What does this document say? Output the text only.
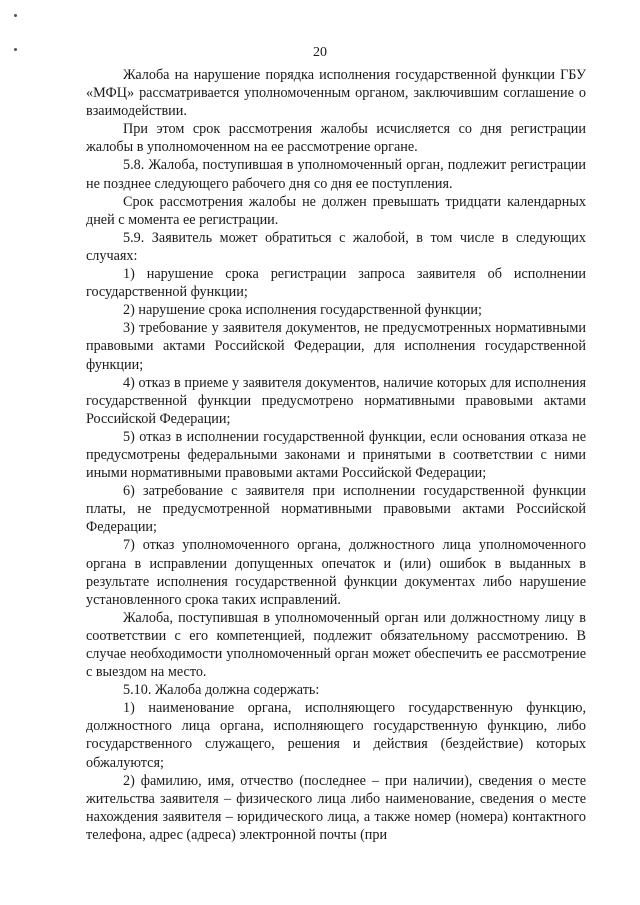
20

Жалоба на нарушение порядка исполнения государственной функции ГБУ «МФЦ» рассматривается уполномоченным органом, заключившим соглашение о взаимодействии.

При этом срок рассмотрения жалобы исчисляется со дня регистрации жалобы в уполномоченном на ее рассмотрение органе.

5.8. Жалоба, поступившая в уполномоченный орган, подлежит регистрации не позднее следующего рабочего дня со дня ее поступления.

Срок рассмотрения жалобы не должен превышать тридцати календарных дней с момента ее регистрации.

5.9. Заявитель может обратиться с жалобой, в том числе в следующих случаях:

1) нарушение срока регистрации запроса заявителя об исполнении государственной функции;

2) нарушение срока исполнения государственной функции;

3) требование у заявителя документов, не предусмотренных нормативными правовыми актами Российской Федерации, для исполнения государственной функции;

4) отказ в приеме у заявителя документов, наличие которых для исполнения государственной функции предусмотрено нормативными правовыми актами Российской Федерации;

5) отказ в исполнении государственной функции, если основания отказа не предусмотрены федеральными законами и принятыми в соответствии с ними иными нормативными правовыми актами Российской Федерации;

6) затребование с заявителя при исполнении государственной функции платы, не предусмотренной нормативными правовыми актами Российской Федерации;

7) отказ уполномоченного органа, должностного лица уполномоченного органа в исправлении допущенных опечаток и (или) ошибок в выданных в результате исполнения государственной функции документах либо нарушение установленного срока таких исправлений.

Жалоба, поступившая в уполномоченный орган или должностному лицу в соответствии с его компетенцией, подлежит обязательному рассмотрению. В случае необходимости уполномоченный орган может обеспечить ее рассмотрение с выездом на место.

5.10. Жалоба должна содержать:

1) наименование органа, исполняющего государственную функцию, должностного лица органа, исполняющего государственную функцию, либо государственного служащего, решения и действия (бездействие) которых обжалуются;

2) фамилию, имя, отчество (последнее – при наличии), сведения о месте жительства заявителя – физического лица либо наименование, сведения о месте нахождения заявителя – юридического лица, а также номер (номера) контактного телефона, адрес (адреса) электронной почты (при
